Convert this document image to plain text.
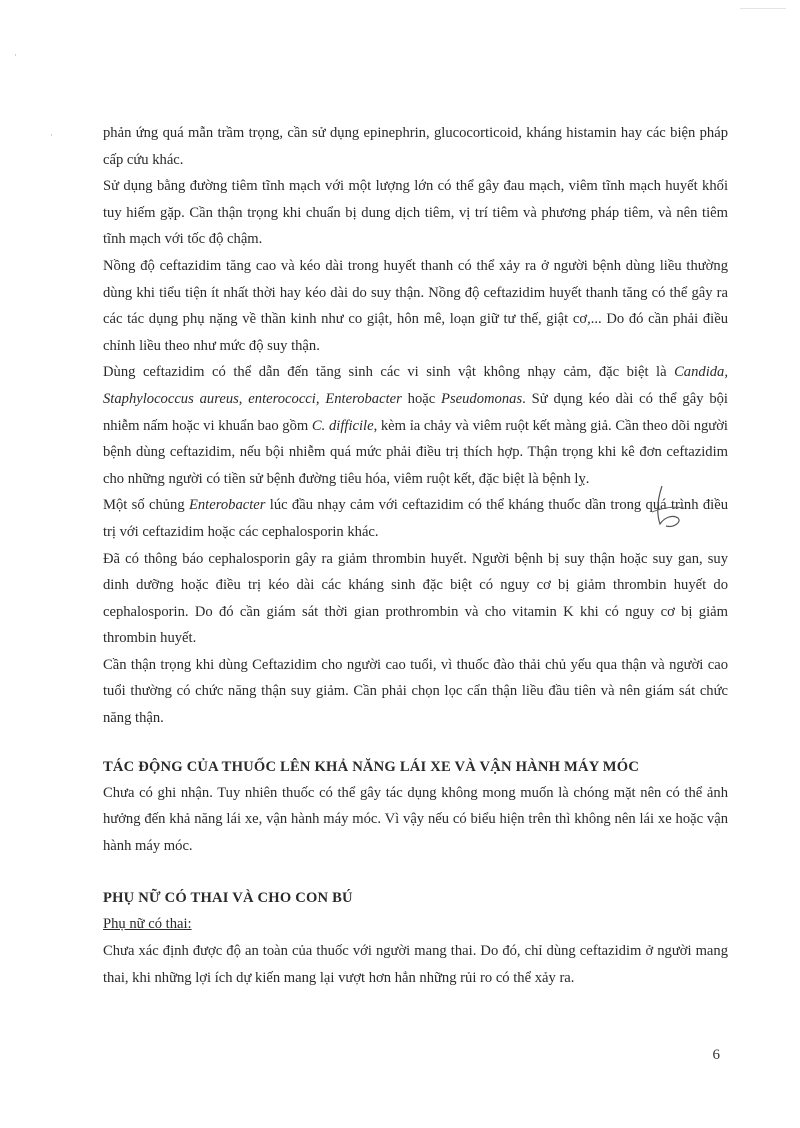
·
·	phản ứng quá mẫn trầm trọng, cần sử dụng epinephrin, glucocorticoid, kháng histamin hay các biện pháp cấp cứu khác.

Sử dụng bằng đường tiêm tĩnh mạch với một lượng lớn có thể gây đau mạch, viêm tĩnh mạch huyết khối tuy hiếm gặp. Cần thận trọng khi chuẩn bị dung dịch tiêm, vị trí tiêm và phương pháp tiêm, và nên tiêm tĩnh mạch với tốc độ chậm.

Nồng độ ceftazidim tăng cao và kéo dài trong huyết thanh có thể xảy ra ở người bệnh dùng liều thường dùng khi tiểu tiện ít nhất thời hay kéo dài do suy thận. Nồng độ ceftazidim huyết thanh tăng có thể gây ra các tác dụng phụ nặng về thần kinh như co giật, hôn mê, loạn giữ tư thế, giật cơ,... Do đó cần phải điều chỉnh liều theo như mức độ suy thận.

Dùng ceftazidim có thể dẫn đến tăng sinh các vi sinh vật không nhạy cảm, đặc biệt là Candida, Staphylococcus aureus, enterococci, Enterobacter hoặc Pseudomonas. Sử dụng kéo dài có thể gây bội nhiễm nấm hoặc vi khuẩn bao gồm C. difficile, kèm ỉa chảy và viêm ruột kết màng giả. Cần theo dõi người bệnh dùng ceftazidim, nếu bội nhiễm quá mức phải điều trị thích hợp. Thận trọng khi kê đơn ceftazidim cho những người có tiền sử bệnh đường tiêu hóa, viêm ruột kết, đặc biệt là bệnh lỵ.

Một số chủng Enterobacter lúc đầu nhạy cảm với ceftazidim có thể kháng thuốc dần trong quá trình điều trị với ceftazidim hoặc các cephalosporin khác.

Đã có thông báo cephalosporin gây ra giảm thrombin huyết. Người bệnh bị suy thận hoặc suy gan, suy dinh dưỡng hoặc điều trị kéo dài các kháng sinh đặc biệt có nguy cơ bị giảm thrombin huyết do cephalosporin. Do đó cần giám sát thời gian prothrombin và cho vitamin K khi có nguy cơ bị giảm thrombin huyết.

Cần thận trọng khi dùng Ceftazidim cho người cao tuổi, vì thuốc đào thải chủ yếu qua thận và người cao tuổi thường có chức năng thận suy giảm. Cần phải chọn lọc cẩn thận liều đầu tiên và nên giám sát chức năng thận.

TÁC ĐỘNG CỦA THUỐC LÊN KHẢ NĂNG LÁI XE VÀ VẬN HÀNH MÁY MÓC

Chưa có ghi nhận. Tuy nhiên thuốc có thể gây tác dụng không mong muốn là chóng mặt nên có thể ảnh hưởng đến khả năng lái xe, vận hành máy móc. Vì vậy nếu có biểu hiện trên thì không nên lái xe hoặc vận hành máy móc.

PHỤ NỮ CÓ THAI VÀ CHO CON BÚ

Phụ nữ có thai:

Chưa xác định được độ an toàn của thuốc với người mang thai. Do đó, chỉ dùng ceftazidim ở người mang thai, khi những lợi ích dự kiến mang lại vượt hơn hẳn những rủi ro có thể xảy ra.

6
